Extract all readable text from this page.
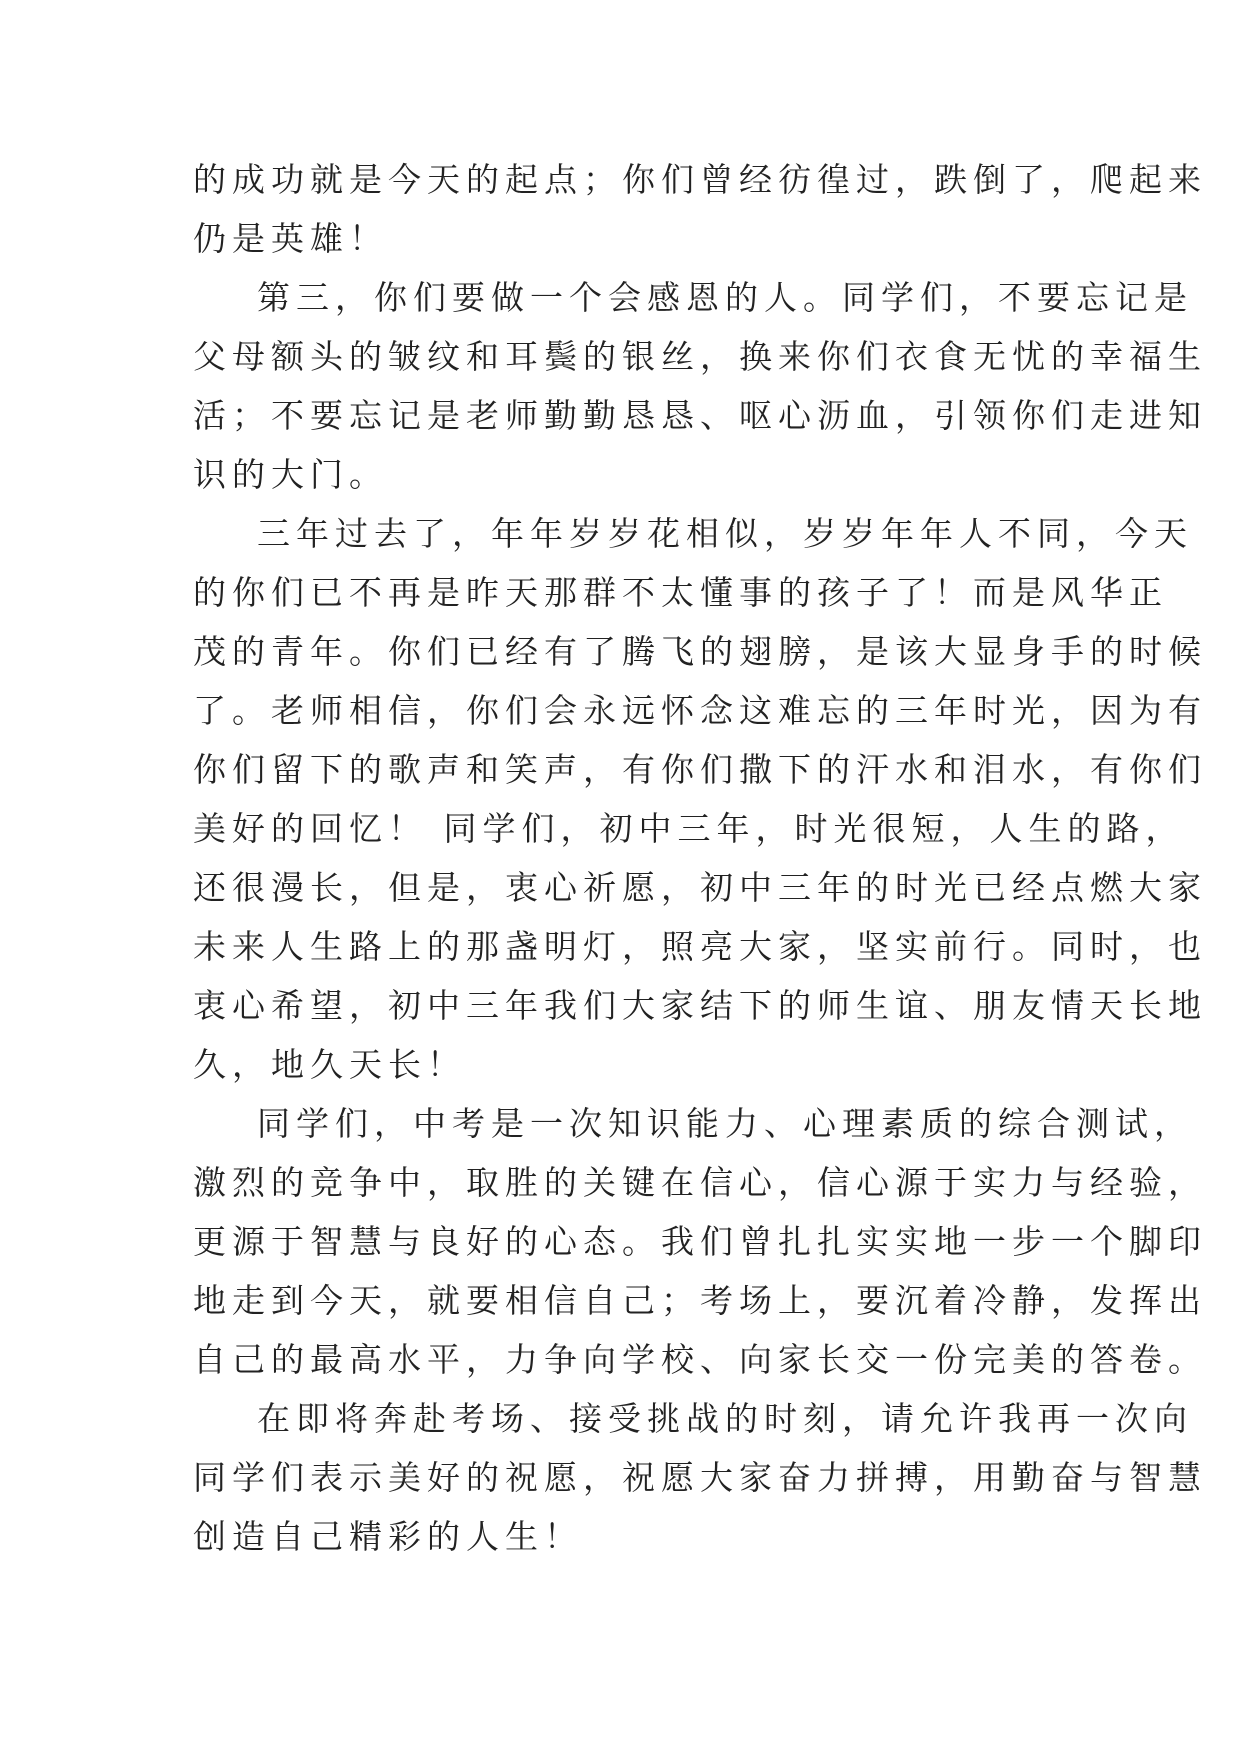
的成功就是今天的起点；你们曾经彷徨过，跌倒了，爬起来
仍是英雄！
第三，你们要做一个会感恩的人。同学们，不要忘记是
父母额头的皱纹和耳鬓的银丝，换来你们衣食无忧的幸福生
活；不要忘记是老师勤勤恳恳、呕心沥血，引领你们走进知
识的大门。
三年过去了，年年岁岁花相似，岁岁年年人不同，今天
的你们已不再是昨天那群不太懂事的孩子了！而是风华正
茂的青年。你们已经有了腾飞的翅膀，是该大显身手的时候
了。老师相信，你们会永远怀念这难忘的三年时光，因为有
你们留下的歌声和笑声，有你们撒下的汗水和泪水，有你们
美好的回忆！ 同学们，初中三年，时光很短，人生的路，
还很漫长，但是，衷心祈愿，初中三年的时光已经点燃大家
未来人生路上的那盏明灯，照亮大家，坚实前行。同时，也
衷心希望，初中三年我们大家结下的师生谊、朋友情天长地
久，地久天长！
同学们，中考是一次知识能力、心理素质的综合测试，
激烈的竞争中，取胜的关键在信心，信心源于实力与经验，
更源于智慧与良好的心态。我们曾扎扎实实地一步一个脚印
地走到今天，就要相信自己；考场上，要沉着冷静，发挥出
自己的最高水平，力争向学校、向家长交一份完美的答卷。
在即将奔赴考场、接受挑战的时刻，请允许我再一次向
同学们表示美好的祝愿，祝愿大家奋力拼搏，用勤奋与智慧
创造自己精彩的人生！
